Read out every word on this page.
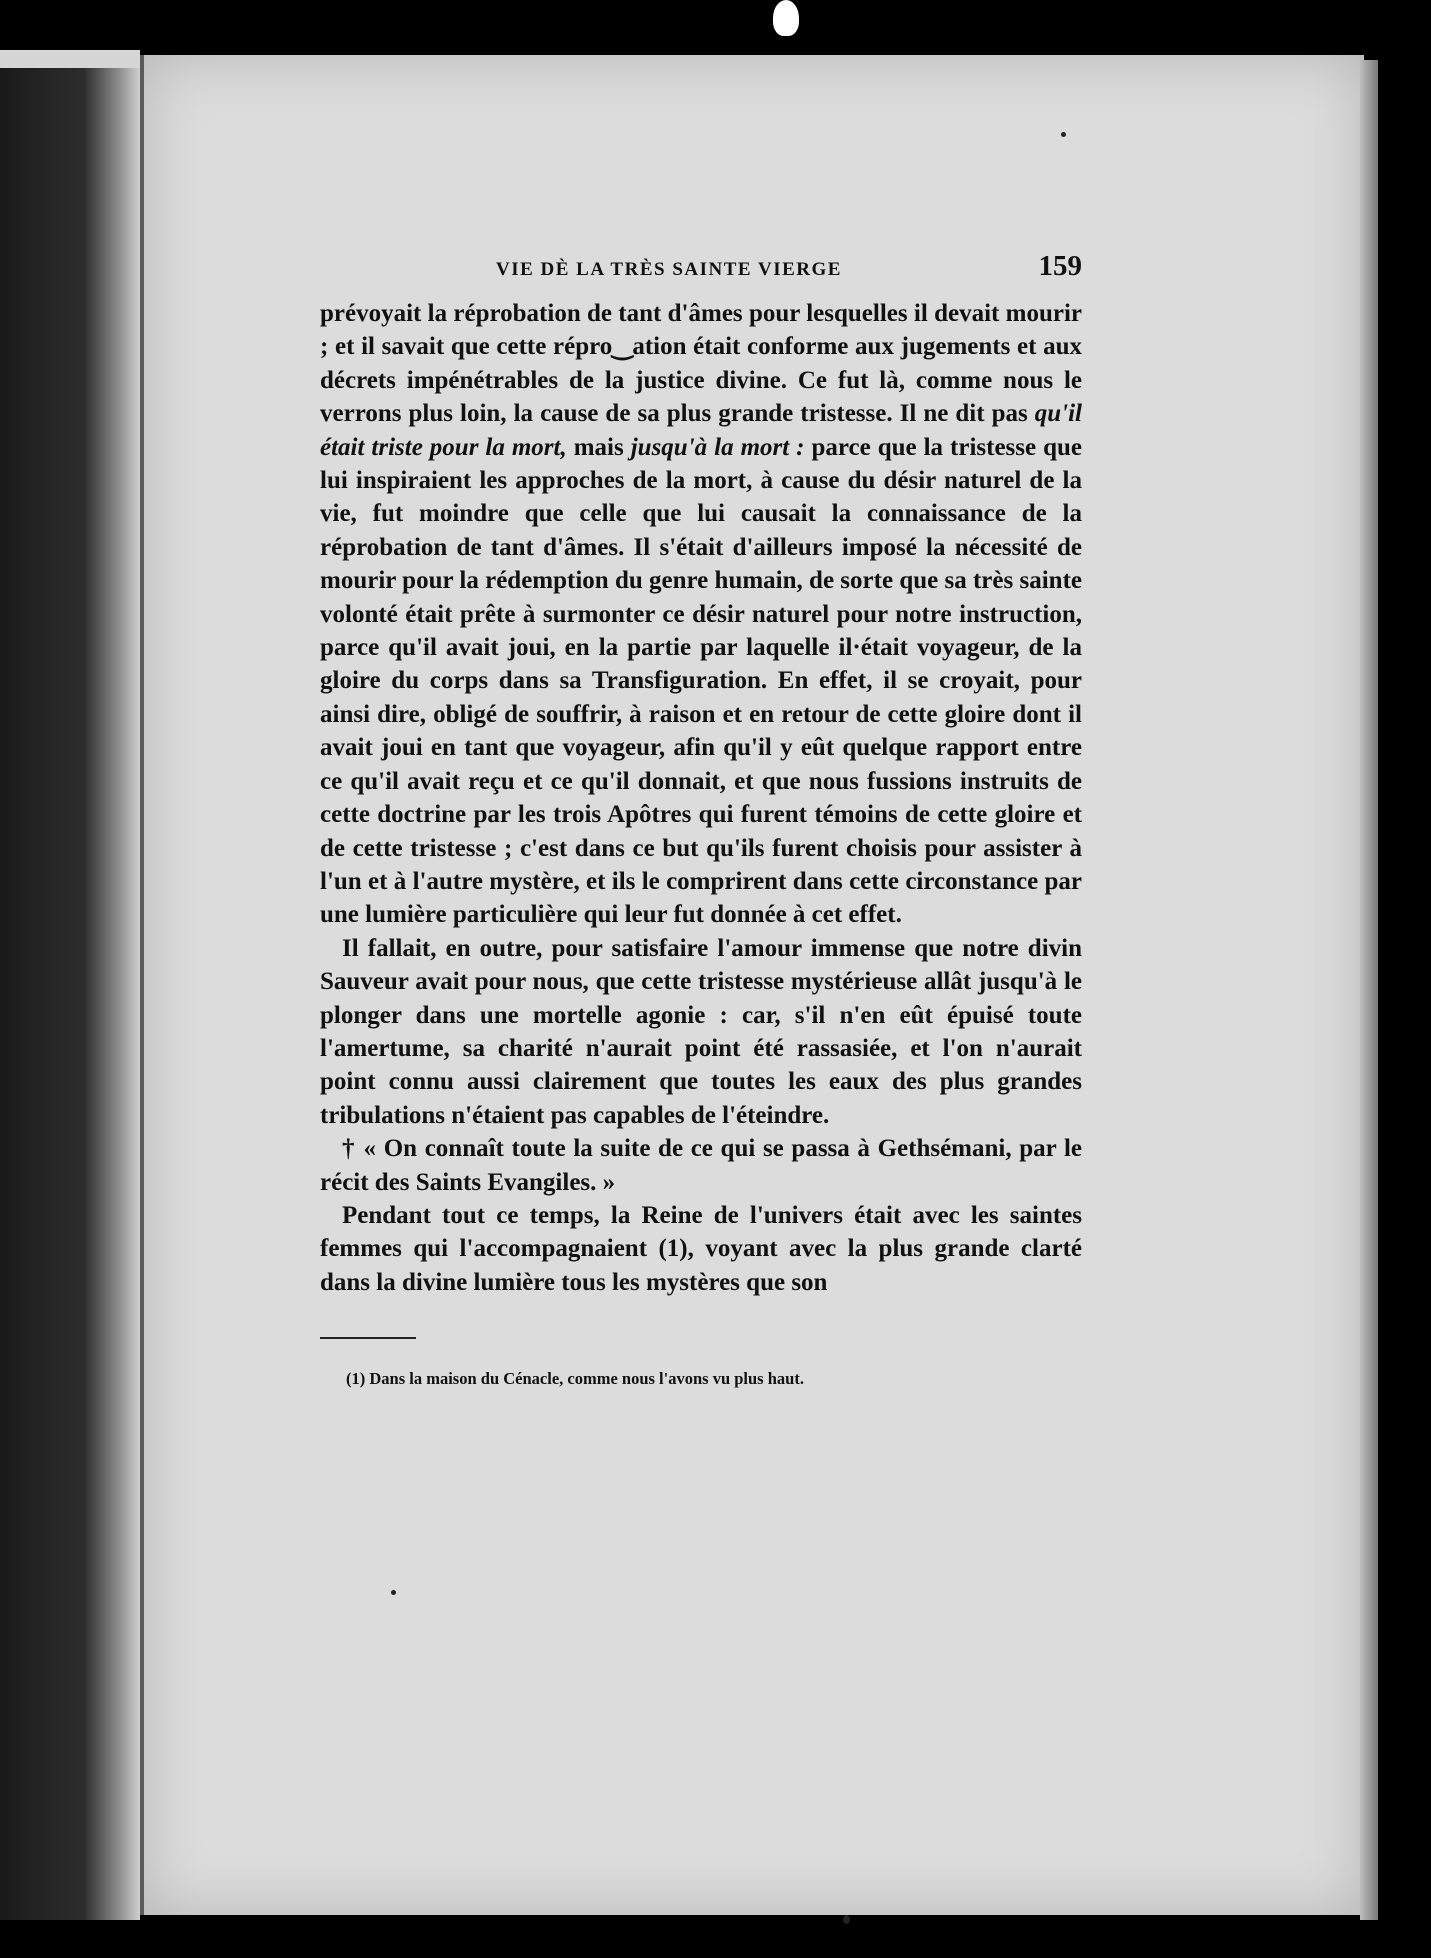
VIE DÈ LA TRÈS SAINTE VIERGE	159

prévoyait la réprobation de tant d'âmes pour lesquelles il devait mourir ; et il savait que cette répro‿ation était conforme aux jugements et aux décrets impénétrables de la justice divine. Ce fut là, comme nous le verrons plus loin, la cause de sa plus grande tristesse. Il ne dit pas qu'il était triste pour la mort, mais jusqu'à la mort : parce que la tristesse que lui inspiraient les approches de la mort, à cause du désir naturel de la vie, fut moindre que celle que lui causait la connaissance de la réprobation de tant d'âmes. Il s'était d'ailleurs imposé la nécessité de mourir pour la rédemption du genre humain, de sorte que sa très sainte volonté était prête à surmonter ce désir naturel pour notre instruction, parce qu'il avait joui, en la partie par laquelle il·était voyageur, de la gloire du corps dans sa Transfiguration. En effet, il se croyait, pour ainsi dire, obligé de souffrir, à raison et en retour de cette gloire dont il avait joui en tant que voyageur, afin qu'il y eût quelque rapport entre ce qu'il avait reçu et ce qu'il donnait, et que nous fussions instruits de cette doctrine par les trois Apôtres qui furent témoins de cette gloire et de cette tristesse ; c'est dans ce but qu'ils furent choisis pour assister à l'un et à l'autre mystère, et ils le comprirent dans cette circonstance par une lumière particulière qui leur fut donnée à cet effet.

Il fallait, en outre, pour satisfaire l'amour immense que notre divin Sauveur avait pour nous, que cette tristesse mystérieuse allât jusqu'à le plonger dans une mortelle agonie : car, s'il n'en eût épuisé toute l'amertume, sa charité n'aurait point été rassasiée, et l'on n'aurait point connu aussi clairement que toutes les eaux des plus grandes tribulations n'étaient pas capables de l'éteindre.

† « On connaît toute la suite de ce qui se passa à Gethsémani, par le récit des Saints Evangiles. »

Pendant tout ce temps, la Reine de l'univers était avec les saintes femmes qui l'accompagnaient (1), voyant avec la plus grande clarté dans la divine lumière tous les mystères que son

(1) Dans la maison du Cénacle, comme nous l'avons vu plus haut.
